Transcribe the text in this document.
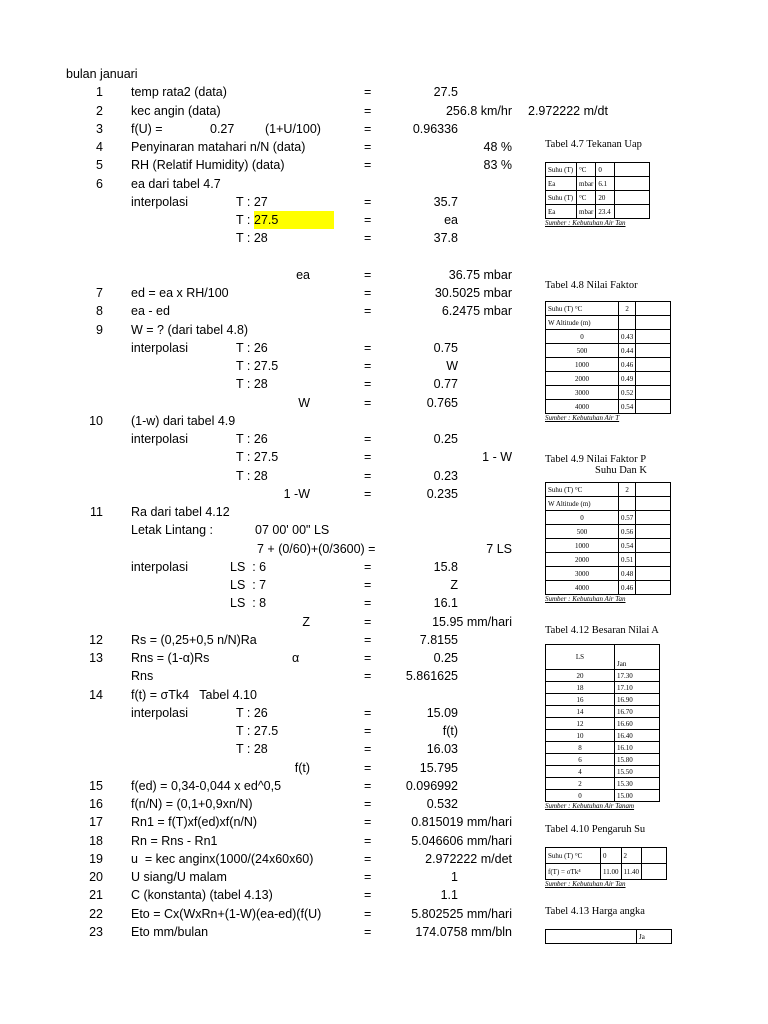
bulan januari
1 temp rata2 (data)	=	27.5
2 kec angin (data)	=	256.8 km/hr 2.972222 m/dt
3 f(U) =	0.27 (1+U/100)	=	0.96336
4 Penyinaran matahari n/N (data)	=	48 %
5 RH (Relatif Humidity) (data)	=	83 %
6 ea dari tabel 4.7
interpolasi	T : 27	=	35.7
T : 27.5	=	ea
T : 28	=	37.8
ea	=	36.75 mbar
7 ed = ea x RH/100	=	30.5025 mbar
8 ea - ed	=	6.2475 mbar
9 W = ? (dari tabel 4.8)
interpolasi	T : 26	=	0.75
T : 27.5	=	W
T : 28	=	0.77
W	=	0.765
10 (1-w) dari tabel 4.9
interpolasi	T : 26	=	0.25
T : 27.5	=	1 - W
T : 28	=	0.23
1 -W	=	0.235
11 Ra dari tabel 4.12
Letak Lintang :	07 00' 00" LS
7 + (0/60)+(0/3600) =	7 LS
interpolasi	LS  : 6	=	15.8
LS  : 7	=	Z
LS  : 8	=	16.1
Z	=	15.95 mm/hari
12 Rs = (0,25+0,5 n/N)Ra	=	7.8155
13 Rns = (1-α)Rs	α	=	0.25
Rns	=	5.861625
14 f(t) = σTk4   Tabel 4.10
interpolasi	T : 26	=	15.09
T : 27.5	=	f(t)
T : 28	=	16.03
f(t)	=	15.795
15 f(ed) = 0,34-0,044 x ed^0,5	=	0.096992
16 f(n/N) = (0,1+0,9xn/N)	=	0.532
17 Rn1 = f(T)xf(ed)xf(n/N)	=	0.815019 mm/hari
18 Rn = Rns - Rn1	=	5.046606 mm/hari
19 u  = kec anginx(1000/(24x60x60)	=	2.972222 m/det
20 U siang/U malam	=	1
21 C (konstanta) (tabel 4.13)	=	1.1
22 Eto = Cx(WxRn+(1-W)(ea-ed)(f(U)	=	5.802525 mm/hari
23 Eto mm/bulan	=	174.0758 mm/bln
Tabel 4.7 Tekanan Uap
Suhu (T)	°C	0	
Ea	mbar	6.1	
Suhu (T)	°C	20	
Ea	mbar	23.4	
Sumber : Kebutuhan Air Tan
Tabel 4.8 Nilai Faktor
Suhu (T) °C	2	
W Altitude (m)		
0	0.43	
500	0.44	
1000	0.46	
2000	0.49	
3000	0.52	
4000	0.54	
Sumber : Kebutuhan Air T
Tabel 4.9 Nilai Faktor P
Suhu Dan K
Suhu (T) °C	2	
W Altitude (m)		
0	0.57	
500	0.56	
1000	0.54	
2000	0.51	
3000	0.48	
4000	0.46	
Sumber : Kebutuhan Air Tan
Tabel 4.12 Besaran Nilai A
LS	Jan
20	17.30
18	17.10
16	16.90
14	16.70
12	16.60
10	16.40
8	16.10
6	15.80
4	15.50
2	15.30
0	15.00
Sumber : Kebutuhan Air Tanam
Tabel 4.10 Pengaruh Su
Suhu (T) °C	0	2	
f(T) = σTk⁴	11.00	11.40	
Sumber : Kebutuhan Air Tan
Tabel 4.13 Harga angka
	Ja
